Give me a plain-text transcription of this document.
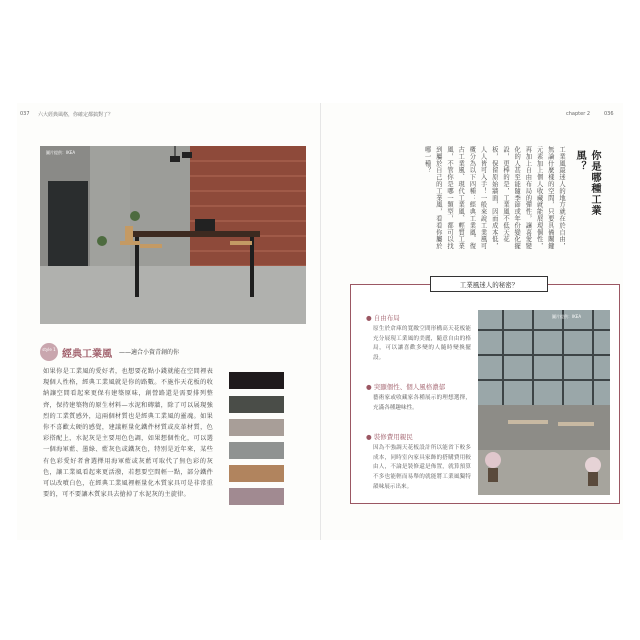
037 六大經典風格，你確定都搞對了？	chapter 2	036
圖片提供：IKEA
style 1 經典工業風 ——適合小資青創的你
如果你是工業風的愛好者，也想要花點小錢就能在空間裡表現個人性格，經典工業風就是你的路數。不施作天花板的收納讓空間看起來更保有建築原味，創營路還是需要排列整齊，保持建築物的原生材料—水泥和磚牆，除了可以展現強烈的工業質感外，這兩個材質也是經典工業風的靈魂。如果你不喜歡太硬的感覺，建議輕量化鐵件材質或皮革材質，色彩搭配上，水泥灰是主要用色色調，如果想個性化，可以選一個海軍藍、墨綠、藍灰色或鐵灰色，特別是近年來，某些有色彩愛好者會選擇用海軍藍或灰藍可取代了無色彩的灰色，讓工業風看起來更活潑，若想要空間輕一點，部分鐵件可以改噴白色，在經典工業風裡輕量化木質家具可是非常重要的，可不要讓木質家具去搶掉了水泥灰的主旋律。
你是哪種工業風？
工業風最迷人的地方就在於自由，無論什麼樣的空間，只要具備關鍵元素加上個人收藏就能展現個性，再加上自由布局的彈性，讓喜愛變化的人甚至能隨季節或年份變化擺設，更棒的是，工業風不低天花板，保留原始牆面，因而成本低，人人皆可入手！一般來說工業風可概分為以下四種：經典工業風、復古工業風、現代工業風、輕質工業風，不管你是哪一類型，都可以找到屬於自己的工業風，看看你屬於哪一種？
工業風迷人的秘密？
● 自由布局
原生於倉庫的寬敞空間形構高天花板能充分展現工業風的美麗，隨意自由的格局，可以讓喜歡多變的人隨時變換擺設。
● 突顯個性、個人風格濃郁
藝術家或收藏家各種展示的理想選擇，充滿各種趣味性。
● 裝修費用親民
因為不強調天花板設計所以能省下較多成本，同時室內家具家飾的搭購費用較由人，不論是裝修還是佈置，就算預算不多也能輕而易舉的就能將工業風獨特韻味展示出來。
圖片提供：IKEA
